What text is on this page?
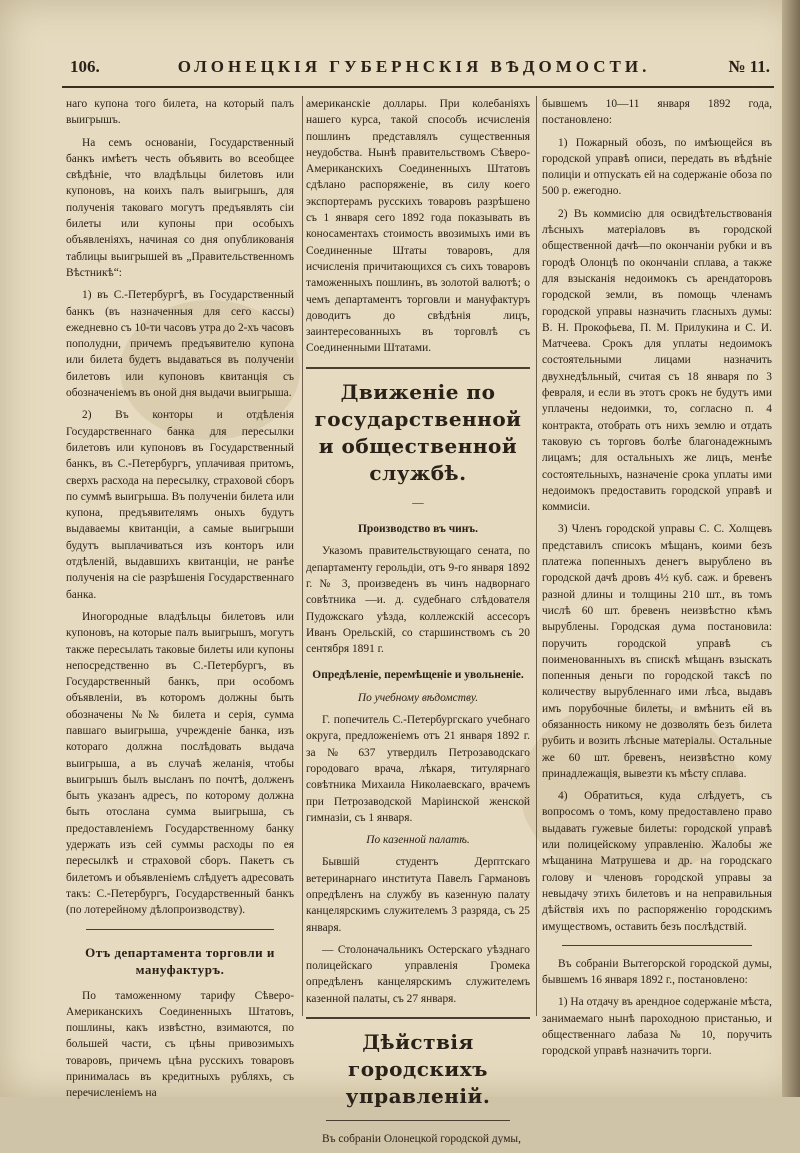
106.	ОЛОНЕЦКІЯ ГУБЕРНСКІЯ ВѢДОМОСТИ.	№ 11.

наго купона того билета, на который палъ выигрышъ.

На семъ основаніи, Государственный банкъ имѣетъ честь объявить во всеобщее свѣдѣніе, что владѣльцы билетовъ или купоновъ, на коихъ палъ выигрышъ, для полученія таковаго могутъ предъявлять сіи билеты или купоны при особыхъ объявленіяхъ, начиная со дня опубликованія таблицы выигрышей въ „Правительственномъ Вѣстникѣ“:

1) въ С.-Петербургѣ, въ Государственный банкъ (въ назначенныя для сего кассы) ежедневно съ 10-ти часовъ утра до 2-хъ часовъ пополудни, причемъ предъявителю купона или билета будетъ выдаваться въ полученіи билетовъ или купоновъ квитанція съ обозначеніемъ въ оной дня выдачи выигрыша.

2) Въ конторы и отдѣленія Государственнаго банка для пересылки билетовъ или купоновъ въ Государственный банкъ, въ С.-Петербургъ, уплачивая притомъ, сверхъ расхода на пересылку, страховой сборъ по суммѣ выигрыша. Въ полученіи билета или купона, предъявителямъ оныхъ будутъ выдаваемы квитанціи, а самые выигрыши будутъ выплачиваться изъ конторъ или отдѣленій, выдавшихъ квитанціи, не ранѣе полученія на сіе разрѣшенія Государственнаго банка.

Иногородные владѣльцы билетовъ или купоновъ, на которые палъ выигрышъ, могутъ также пересылать таковые билеты или купоны непосредственно въ С.-Петербургъ, въ Государственный банкъ, при особомъ объявленіи, въ которомъ должны быть обозначены №№ билета и серія, сумма павшаго выигрыша, учрежденіе банка, изъ котораго должна послѣдовать выдача выигрыша, а въ случаѣ желанія, чтобы выигрышъ былъ высланъ по почтѣ, долженъ быть указанъ адресъ, по которому должна быть отослана сумма выигрыша, съ предоставленіемъ Государственному банку удержать изъ сей суммы расходы по ея пересылкѣ и страховой сборъ. Пакетъ съ билетомъ и объявленіемъ слѣдуетъ адресовать такъ: С.-Петербургъ, Государственный банкъ (по лотерейному дѣлопроизводству).

Отъ департамента торговли и мануфактуръ.

По таможенному тарифу Сѣверо-Американскихъ Соединенныхъ Штатовъ, пошлины, какъ извѣстно, взимаются, по большей части, съ цѣны привозимыхъ товаровъ, причемъ цѣна русскихъ товаровъ принималась въ кредитныхъ рубляхъ, съ перечисленіемъ на

американскіе доллары. При колебаніяхъ нашего курса, такой способъ исчисленія пошлинъ представлялъ существенныя неудобства. Нынѣ правительствомъ Сѣверо-Американскихъ Соединенныхъ Штатовъ сдѣлано распоряженіе, въ силу коего экспортерамъ русскихъ товаровъ разрѣшено съ 1 января сего 1892 года показывать въ коносаментахъ стоимость ввозимыхъ ими въ Соединенные Штаты товаровъ, для исчисленія причитающихся съ сихъ товаровъ таможенныхъ пошлинъ, въ золотой валютѣ; о чемъ департаментъ торговли и мануфактуръ доводитъ до свѣдѣнія лицъ, заинтересованныхъ въ торговлѣ съ Соединенными Штатами.

Движеніе по государственной и общественной службѣ.
—
Производство въ чинъ.

Указомъ правительствующаго сената, по департаменту герольдіи, отъ 9-го января 1892 г. № 3, произведенъ въ чинъ надворнаго совѣтника —и. д. судебнаго слѣдователя Пудожскаго уѣзда, коллежскій ассесоръ Иванъ Орельскій, со старшинствомъ съ 20 сентября 1891 г.

Опредѣленіе, перемѣщеніе и увольненіе.
По учебному вѣдомству.

Г. попечитель С.-Петербургскаго учебнаго округа, предложеніемъ отъ 21 января 1892 г. за № 637 утвердилъ Петрозаводскаго городоваго врача, лѣкаря, титулярнаго совѣтника Михаила Николаевскаго, врачемъ при Петрозаводской Маріинской женской гимназіи, съ 1 января.

По казенной палатѣ.

Бывшій студентъ Дерптскаго ветеринарнаго института Павелъ Гармановъ опредѣленъ на службу въ казенную палату канцелярскимъ служителемъ 3 разряда, съ 25 января.

— Столоначальникъ Остерскаго уѣзднаго полицейскаго управленія Громека опредѣленъ канцелярскимъ служителемъ казенной палаты, съ 27 января.

Дѣйствія городскихъ управленій.

Въ собраніи Олонецкой городской думы,

бывшемъ 10—11 января 1892 года, постановлено:

1) Пожарный обозъ, по имѣющейся въ городской управѣ описи, передать въ вѣдѣніе полиціи и отпускать ей на содержаніе обоза по 500 р. ежегодно.

2) Въ коммисію для освидѣтельствованія лѣсныхъ матеріаловъ въ городской общественной дачѣ—по окончаніи рубки и въ городѣ Олонцѣ по окончаніи сплава, а также для взысканія недоимокъ съ арендаторовъ городской земли, въ помощь членамъ городской управы назначить гласныхъ думы: В. Н. Прокофьева, П. М. Прилукина и С. И. Матчеева. Срокъ для уплаты недоимокъ состоятельными лицами назначить двухнедѣльный, считая съ 18 января по 3 февраля, и если въ этотъ срокъ не будутъ ими уплачены недоимки, то, согласно п. 4 контракта, отобрать отъ нихъ землю и отдать таковую съ торговъ болѣе благонадежнымъ лицамъ; для остальныхъ же лицъ, менѣе состоятельныхъ, назначеніе срока уплаты ими недоимокъ предоставить городской управѣ и коммисіи.

3) Членъ городской управы С. С. Холщевъ представилъ списокъ мѣщанъ, коими безъ платежа попенныхъ денегъ вырублено въ городской дачѣ дровъ 4½ куб. саж. и бревенъ разной длины и толщины 210 шт., въ томъ числѣ 60 шт. бревенъ неизвѣстно кѣмъ вырублены. Городская дума постановила: поручить городской управѣ съ поименованныхъ въ спискѣ мѣщанъ взыскать попенныя деньги по городской таксѣ по количеству вырубленнаго ими лѣса, выдавъ имъ порубочные билеты, и вмѣнить ей въ обязанность никому не дозволять безъ билета рубить и возить лѣсные матеріалы. Остальные же 60 шт. бревенъ, неизвѣстно кому принадлежащія, вывезти къ мѣсту сплава.

4) Обратиться, куда слѣдуетъ, съ вопросомъ о томъ, кому предоставлено право выдавать гужевые билеты: городской управѣ или полицейскому управленію. Жалобы же мѣщанина Матрушева и др. на городскаго голову и членовъ городской управы за невыдачу этихъ билетовъ и на неправильныя дѣйствія ихъ по распоряженію городскимъ имуществомъ, оставить безъ послѣдствій.

Въ собраніи Вытегорской городской думы, бывшемъ 16 января 1892 г., постановлено:

1) На отдачу въ арендное содержаніе мѣста, занимаемаго нынѣ пароходною пристанью, и общественнаго лабаза № 10, поручить городской управѣ назначить торги.
